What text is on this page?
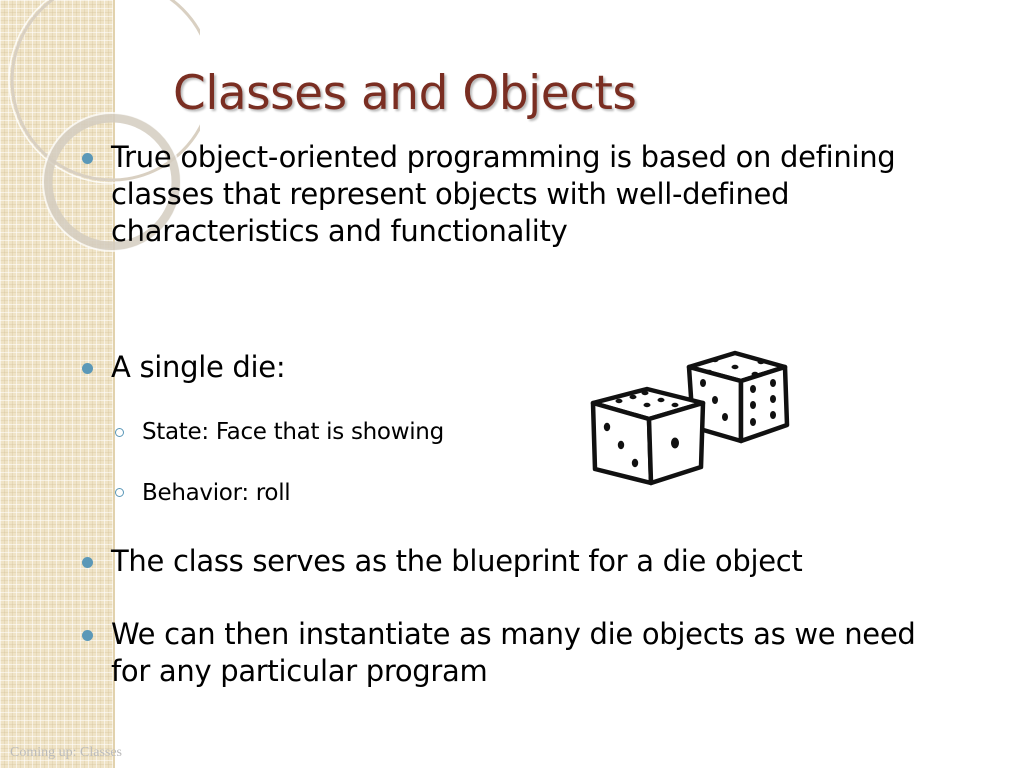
Classes and Objects

True object-oriented programming is based on defining classes that represent objects with well-defined characteristics and functionality

A single die:

State: Face that is showing

Behavior: roll

The class serves as the blueprint for a die object

We can then instantiate as many die objects as we need for any particular program

Coming up: Classes
